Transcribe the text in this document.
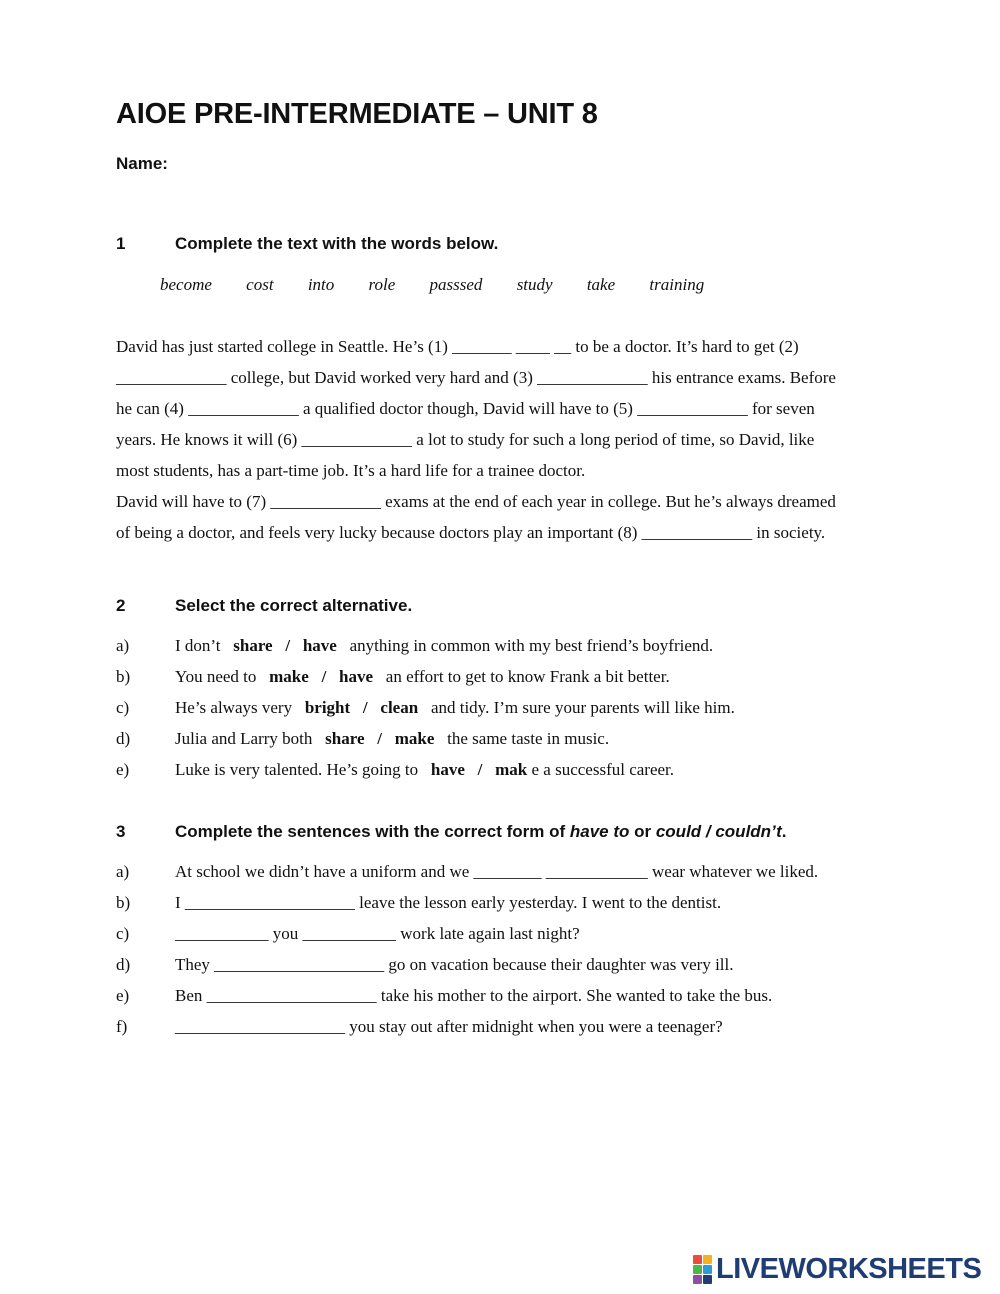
AIOE PRE-INTERMEDIATE – UNIT 8
Name:
1	Complete the text with the words below.
become cost into role passsed study take training
David has just started college in Seattle. He’s (1) _______ ____ __ to be a doctor. It’s hard to get (2)
_____________ college, but David worked very hard and (3) _____________ his entrance exams. Before
he can (4) _____________ a qualified doctor though, David will have to (5) _____________ for seven
years. He knows it will (6) _____________ a lot to study for such a long period of time, so David, like
most students, has a part-time job. It’s a hard life for a trainee doctor.
David will have to (7) _____________ exams at the end of each year in college. But he’s always dreamed
of being a doctor, and feels very lucky because doctors play an important (8) _____________ in society.
2	Select the correct alternative.
a)	I don’t share / have anything in common with my best friend’s boyfriend.
b)	You need to make / have an effort to get to know Frank a bit better.
c)	He’s always very bright / clean and tidy. I’m sure your parents will like him.
d)	Julia and Larry both share / make the same taste in music.
e)	Luke is very talented. He’s going to have / mak e a successful career.
3	Complete the sentences with the correct form of have to or could / couldn’t.
a)	At school we didn’t have a uniform and we ________ ____________ wear whatever we liked.
b)	I ____________________ leave the lesson early yesterday. I went to the dentist.
c)	___________ you ___________ work late again last night?
d)	They ____________________ go on vacation because their daughter was very ill.
e)	Ben ____________________ take his mother to the airport. She wanted to take the bus.
f)	____________________ you stay out after midnight when you were a teenager?
LIVEWORKSHEETS
